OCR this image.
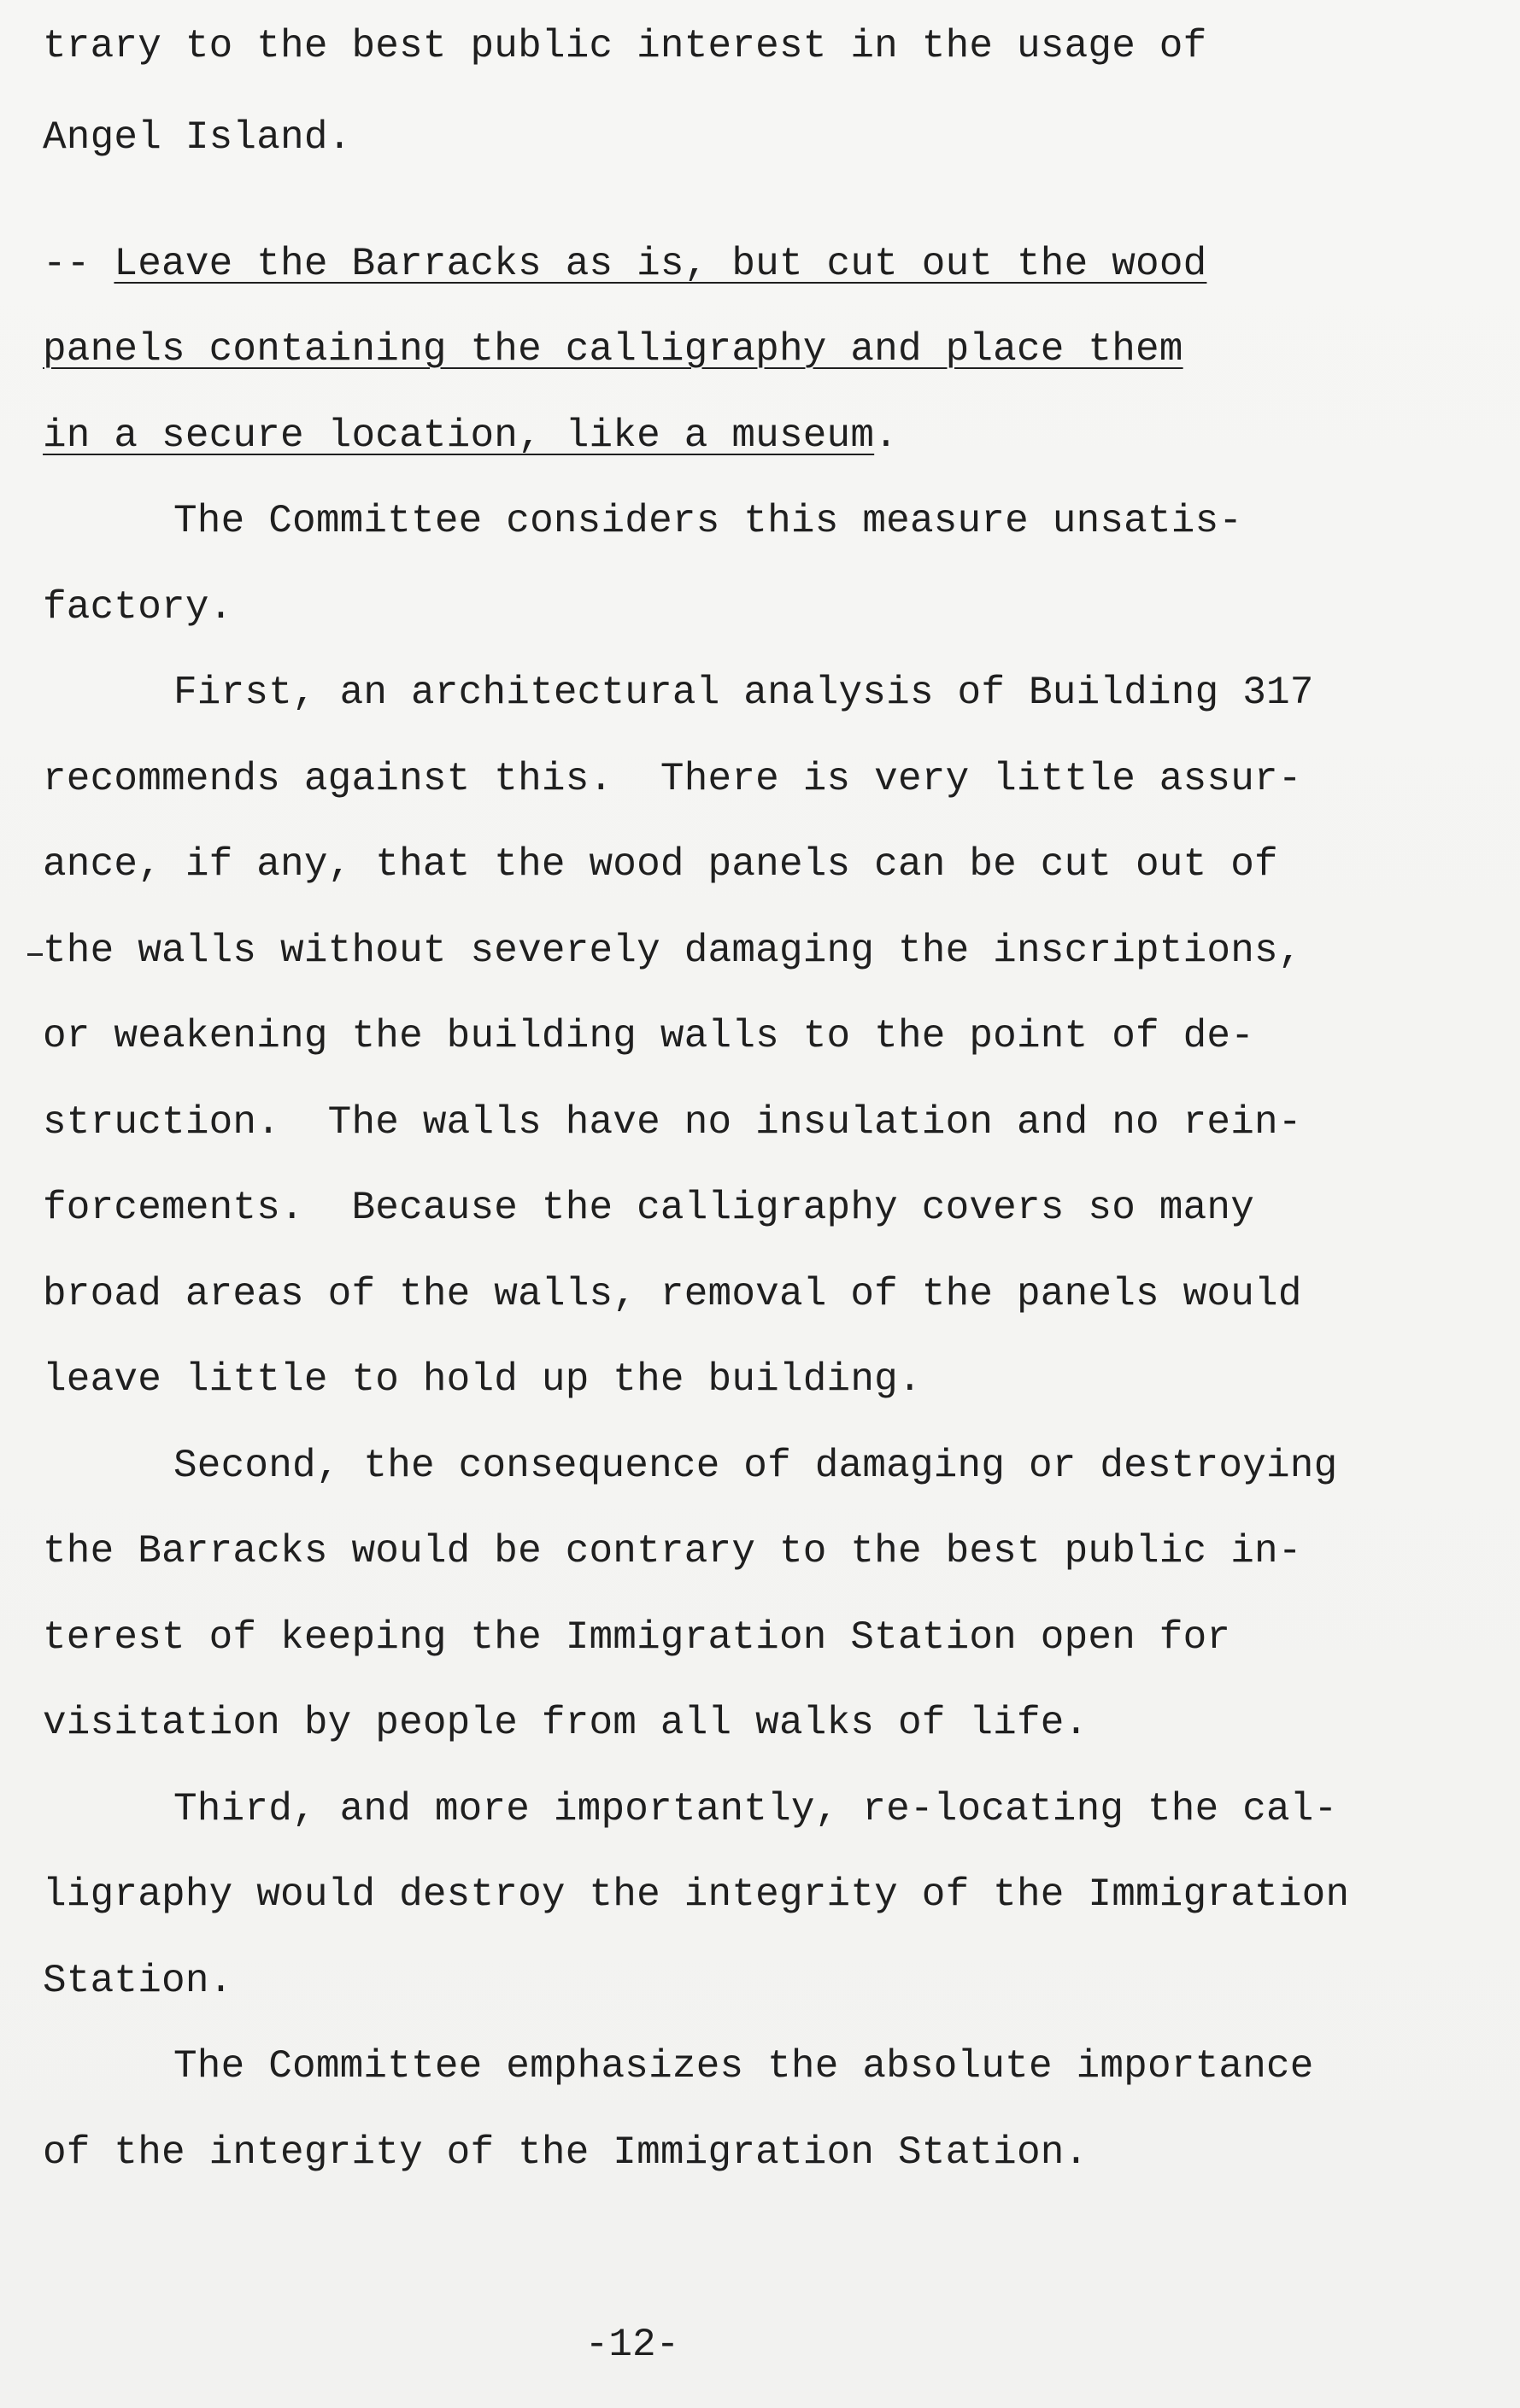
trary to the best public interest in the usage of
Angel Island.
-- Leave the Barracks as is, but cut out the wood
panels containing the calligraphy and place them
in a secure location, like a museum.
The Committee considers this measure unsatis-
factory.
First, an architectural analysis of Building 317
recommends against this.  There is very little assur-
ance, if any, that the wood panels can be cut out of
the walls without severely damaging the inscriptions,
or weakening the building walls to the point of de-
struction.  The walls have no insulation and no rein-
forcements.  Because the calligraphy covers so many
broad areas of the walls, removal of the panels would
leave little to hold up the building.
Second, the consequence of damaging or destroying
the Barracks would be contrary to the best public in-
terest of keeping the Immigration Station open for
visitation by people from all walks of life.
Third, and more importantly, re-locating the cal-
ligraphy would destroy the integrity of the Immigration
Station.
The Committee emphasizes the absolute importance
of the integrity of the Immigration Station.
-12-
